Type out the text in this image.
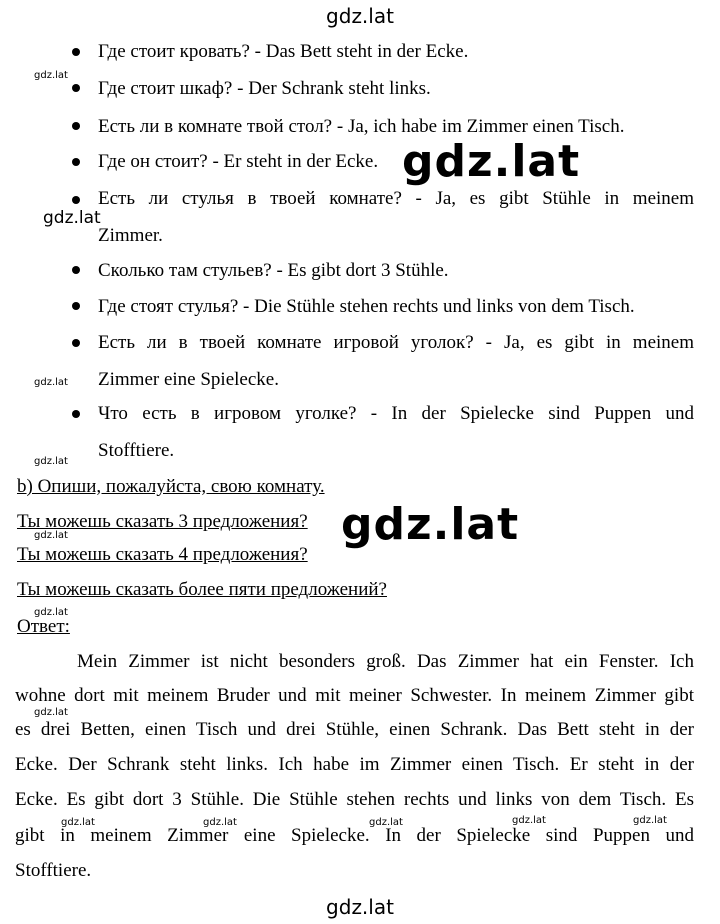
gdz.lat
gdz.lat
Где стоит кровать? - Das Bett steht in der Ecke.
Где стоит шкаф? - Der Schrank steht links.
Есть ли в комнате твой стол? - Ja, ich habe im Zimmer einen Tisch.
Где он стоит? - Er steht in der Ecke.
Есть ли стулья в твоей комнате? - Ja, es gibt Stühle in meinem
Zimmer.
Сколько там стульев? - Es gibt dort 3 Stühle.
Где стоят стулья? - Die Stühle stehen rechts und links von dem Tisch.
Есть ли в твоей комнате игровой уголок? - Ja, es gibt in meinem
Zimmer eine Spielecke.
Что есть в игровом уголке? - In der Spielecke sind Puppen und
Stofftiere.
b) Опиши, пожалуйста, свою комнату.
Ты можешь сказать 3 предложения?
Ты можешь сказать 4 предложения?
Ты можешь сказать более пяти предложений?
Ответ:
Mein Zimmer ist nicht besonders groß. Das Zimmer hat ein Fenster. Ich
wohne dort mit meinem Bruder und mit meiner Schwester. In meinem Zimmer gibt
es drei Betten, einen Tisch und drei Stühle, einen Schrank. Das Bett steht in der
Ecke. Der Schrank steht links. Ich habe im Zimmer einen Tisch. Er steht in der
Ecke. Es gibt dort 3 Stühle. Die Stühle stehen rechts und links von dem Tisch. Es
gibt in meinem Zimmer eine Spielecke. In der Spielecke sind Puppen und
Stofftiere.
gdz.lat
gdz.lat
gdz.lat
gdz.lat
gdz.lat
gdz.lat
gdz.lat
gdz.lat
gdz.lat
gdz.lat	gdz.lat	gdz.lat	gdz.lat	gdz.lat
